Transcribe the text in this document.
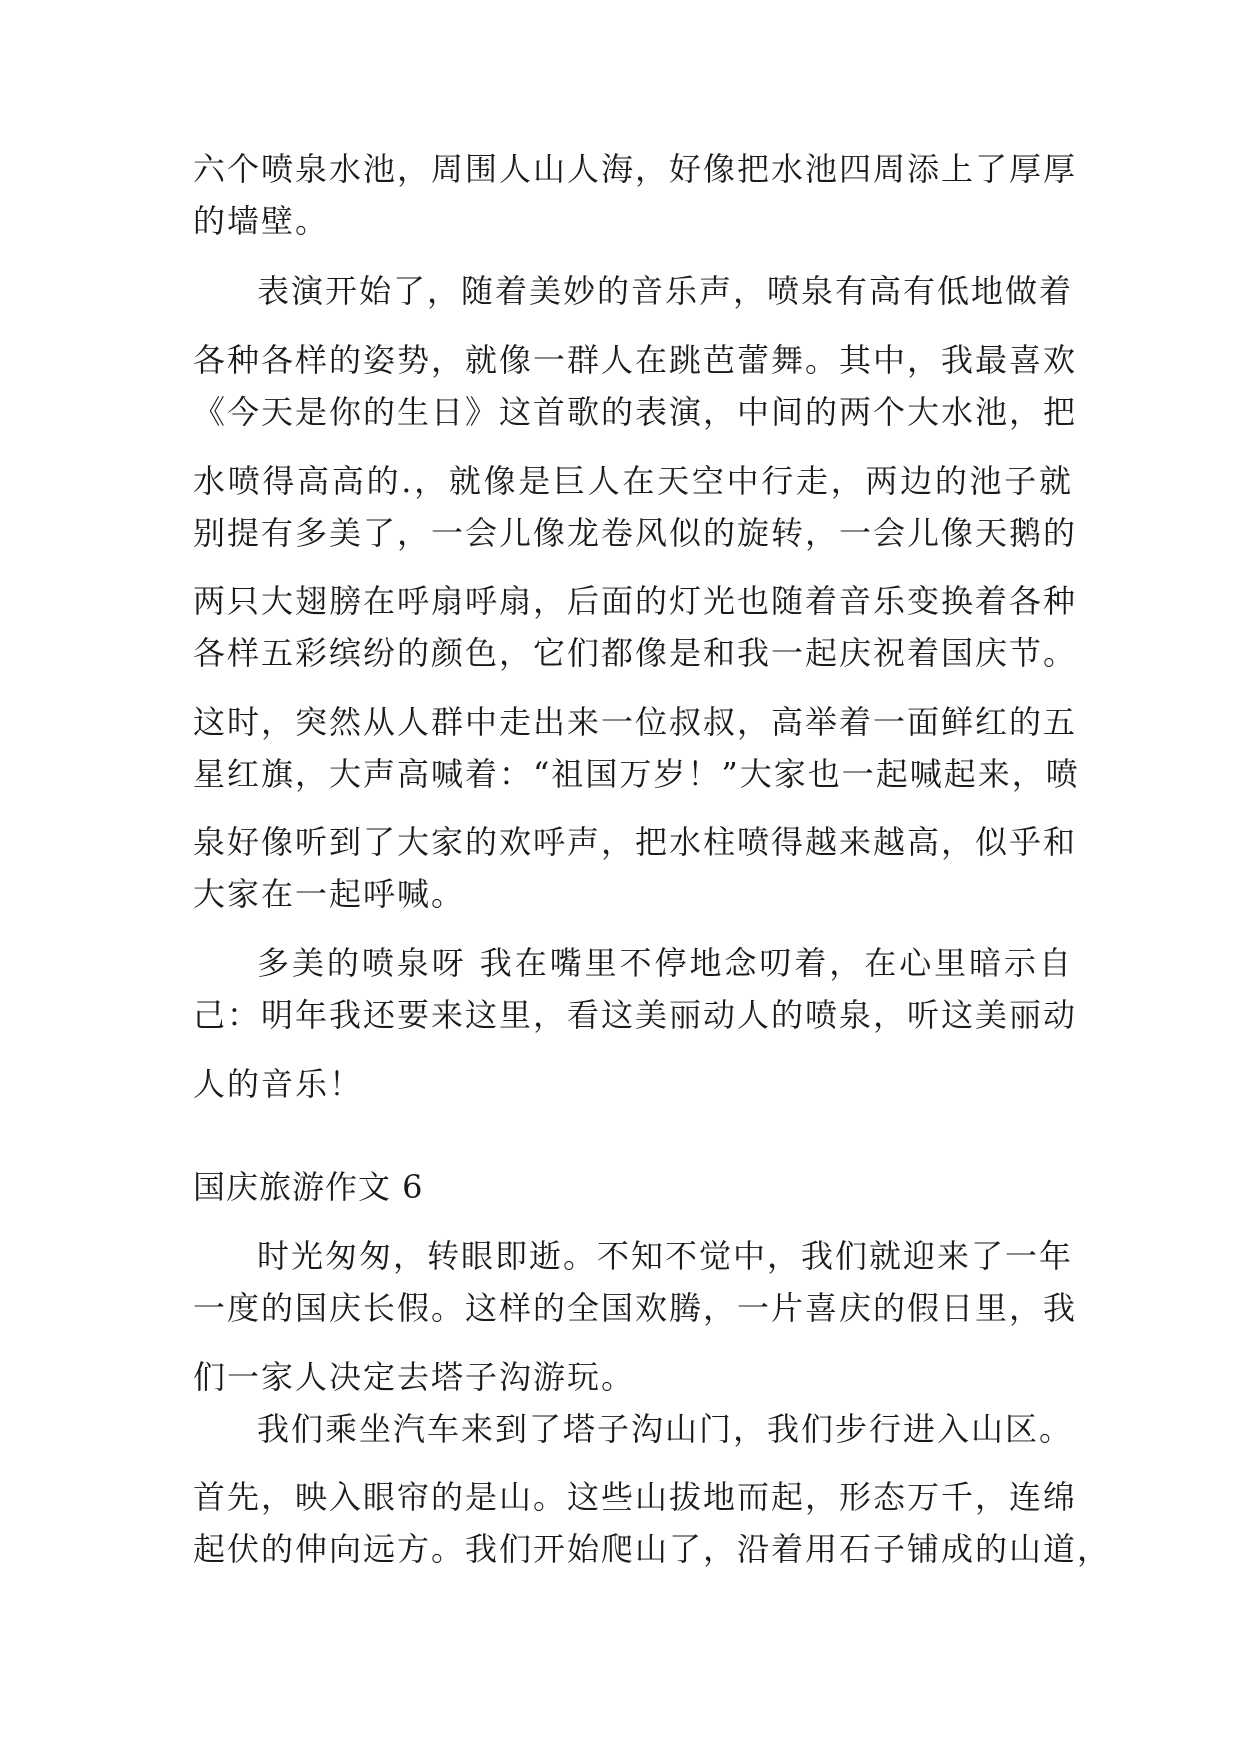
六个喷泉水池，周围人山人海，好像把水池四周添上了厚厚
的墙壁。
表演开始了，随着美妙的音乐声，喷泉有高有低地做着
各种各样的姿势，就像一群人在跳芭蕾舞。其中，我最喜欢
《今天是你的生日》这首歌的表演，中间的两个大水池，把
水喷得高高的.，就像是巨人在天空中行走，两边的池子就
别提有多美了，一会儿像龙卷风似的旋转，一会儿像天鹅的
两只大翅膀在呼扇呼扇，后面的灯光也随着音乐变换着各种
各样五彩缤纷的颜色，它们都像是和我一起庆祝着国庆节。
这时，突然从人群中走出来一位叔叔，高举着一面鲜红的五
星红旗，大声高喊着：“祖国万岁！”大家也一起喊起来，喷
泉好像听到了大家的欢呼声，把水柱喷得越来越高，似乎和
大家在一起呼喊。
多美的喷泉呀 我在嘴里不停地念叨着，在心里暗示自
己：明年我还要来这里，看这美丽动人的喷泉，听这美丽动
人的音乐！
国庆旅游作文 6
时光匆匆，转眼即逝。不知不觉中，我们就迎来了一年
一度的国庆长假。这样的全国欢腾，一片喜庆的假日里，我
们一家人决定去塔子沟游玩。
我们乘坐汽车来到了塔子沟山门，我们步行进入山区。
首先，映入眼帘的是山。这些山拔地而起，形态万千，连绵
起伏的伸向远方。我们开始爬山了，沿着用石子铺成的山道，
